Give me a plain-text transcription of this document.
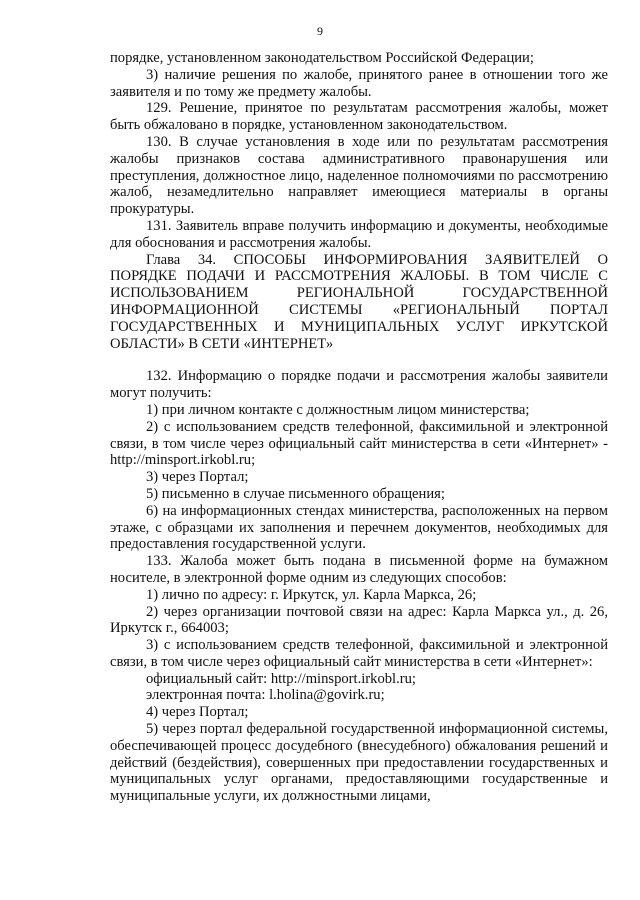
9

порядке, установленном законодательством Российской Федерации;

3) наличие решения по жалобе, принятого ранее в отношении того же заявителя и по тому же предмету жалобы.

129. Решение, принятое по результатам рассмотрения жалобы, может быть обжаловано в порядке, установленном законодательством.

130. В случае установления в ходе или по результатам рассмотрения жалобы признаков состава административного правонарушения или преступления, должностное лицо, наделенное полномочиями по рассмотрению жалоб, незамедлительно направляет имеющиеся материалы в органы прокуратуры.

131. Заявитель вправе получить информацию и документы, необходимые для обоснования и рассмотрения жалобы.

Глава 34. СПОСОБЫ ИНФОРМИРОВАНИЯ ЗАЯВИТЕЛЕЙ О ПОРЯДКЕ ПОДАЧИ И РАССМОТРЕНИЯ ЖАЛОБЫ. В ТОМ ЧИСЛЕ С ИСПОЛЬЗОВАНИЕМ РЕГИОНАЛЬНОЙ ГОСУДАРСТВЕННОЙ ИНФОРМАЦИОННОЙ СИСТЕМЫ «РЕГИОНАЛЬНЫЙ ПОРТАЛ ГОСУДАРСТВЕННЫХ И МУНИЦИПАЛЬНЫХ УСЛУГ ИРКУТСКОЙ ОБЛАСТИ» В СЕТИ «ИНТЕРНЕТ»

132. Информацию о порядке подачи и рассмотрения жалобы заявители могут получить:

1) при личном контакте с должностным лицом министерства;

2) с использованием средств телефонной, факсимильной и электронной связи, в том числе через официальный сайт министерства в сети «Интернет» - http://minsport.irkobl.ru;

3) через Портал;

5) письменно в случае письменного обращения;

6) на информационных стендах министерства, расположенных на первом этаже, с образцами их заполнения и перечнем документов, необходимых для предоставления государственной услуги.

133. Жалоба может быть подана в письменной форме на бумажном носителе, в электронной форме одним из следующих способов:

1) лично по адресу: г. Иркутск, ул. Карла Маркса, 26;

2) через организации почтовой связи на адрес: Карла Маркса ул., д. 26, Иркутск г., 664003;

3) с использованием средств телефонной, факсимильной и электронной связи, в том числе через официальный сайт министерства в сети «Интернет»:

официальный сайт: http://minsport.irkobl.ru;

электронная почта: l.holina@govirk.ru;

4) через Портал;

5) через портал федеральной государственной информационной системы, обеспечивающей процесс досудебного (внесудебного) обжалования решений и действий (бездействия), совершенных при предоставлении государственных и муниципальных услуг органами, предоставляющими государственные и муниципальные услуги, их должностными лицами,
